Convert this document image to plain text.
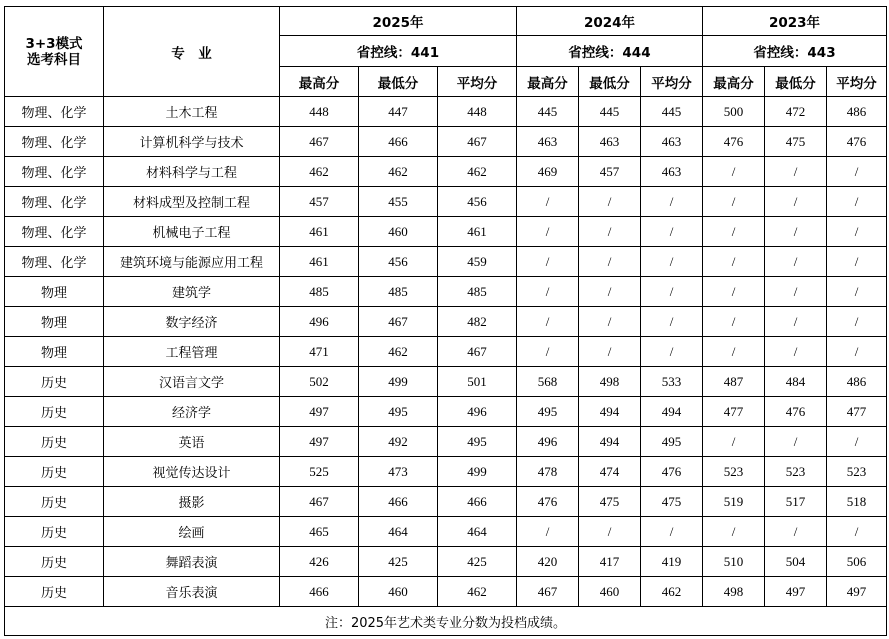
3+3模式
选考科目	专　业	2025年			2024年			2023年		
		省控线：441			省控线：444			省控线：443		
		最高分	最低分	平均分	最高分	最低分	平均分	最高分	最低分	平均分
物理、化学	土木工程	448	447	448	445	445	445	500	472	486
物理、化学	计算机科学与技术	467	466	467	463	463	463	476	475	476
物理、化学	材料科学与工程	462	462	462	469	457	463	/	/	/
物理、化学	材料成型及控制工程	457	455	456	/	/	/	/	/	/
物理、化学	机械电子工程	461	460	461	/	/	/	/	/	/
物理、化学	建筑环境与能源应用工程	461	456	459	/	/	/	/	/	/
物理	建筑学	485	485	485	/	/	/	/	/	/
物理	数字经济	496	467	482	/	/	/	/	/	/
物理	工程管理	471	462	467	/	/	/	/	/	/
历史	汉语言文学	502	499	501	568	498	533	487	484	486
历史	经济学	497	495	496	495	494	494	477	476	477
历史	英语	497	492	495	496	494	495	/	/	/
历史	视觉传达设计	525	473	499	478	474	476	523	523	523
历史	摄影	467	466	466	476	475	475	519	517	518
历史	绘画	465	464	464	/	/	/	/	/	/
历史	舞蹈表演	426	425	425	420	417	419	510	504	506
历史	音乐表演	466	460	462	467	460	462	498	497	497
注：2025年艺术类专业分数为投档成绩。										
